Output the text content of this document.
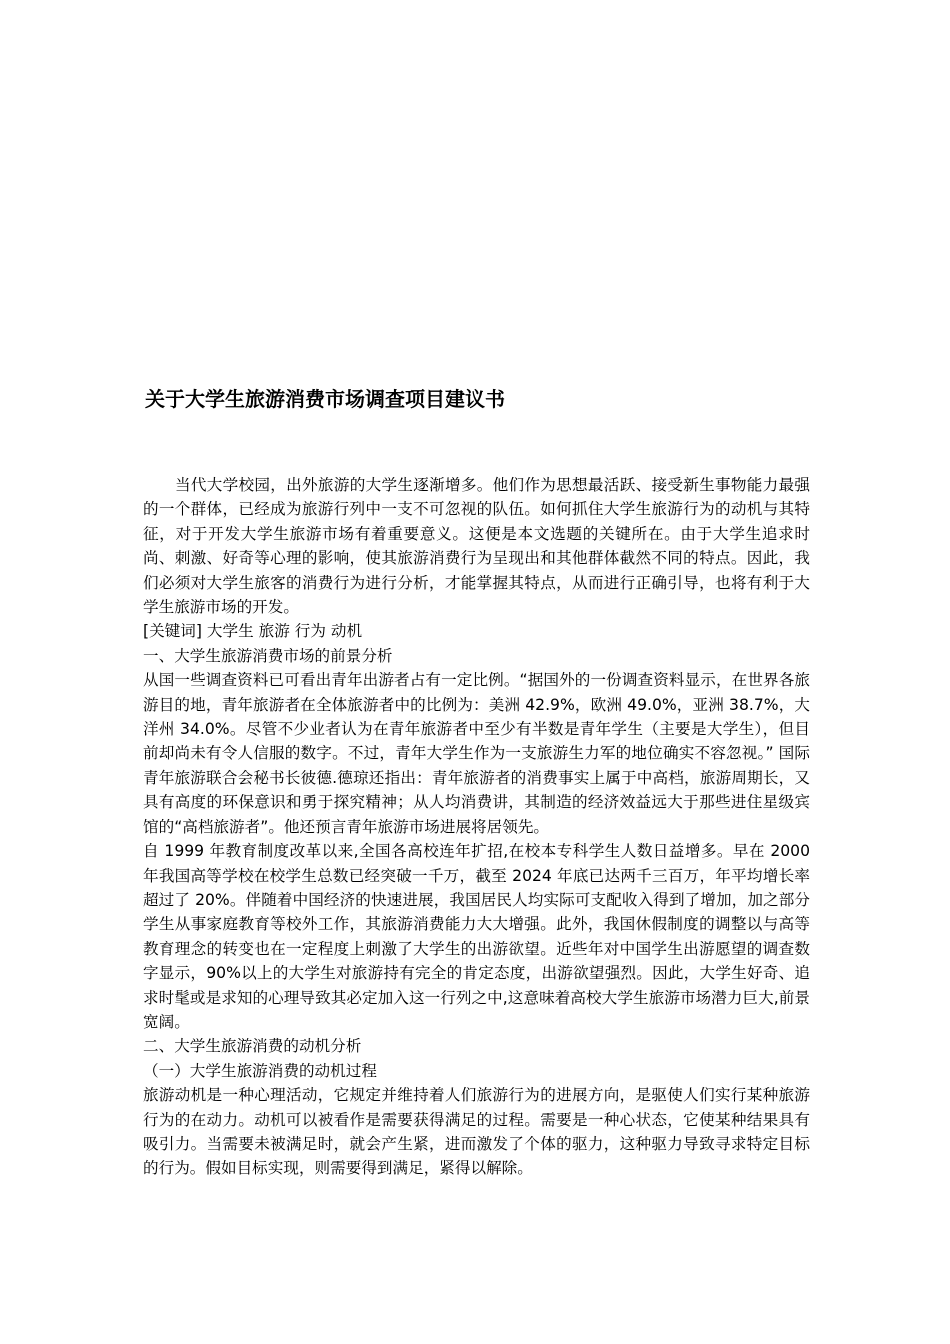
关于大学生旅游消费市场调查项目建议书

当代大学校园，出外旅游的大学生逐渐增多。他们作为思想最活跃、接受新生事物能力最强的一个群体，已经成为旅游行列中一支不可忽视的队伍。如何抓住大学生旅游行为的动机与其特征，对于开发大学生旅游市场有着重要意义。这便是本文选题的关键所在。由于大学生追求时尚、刺激、好奇等心理的影响，使其旅游消费行为呈现出和其他群体截然不同的特点。因此，我们必须对大学生旅客的消费行为进行分析，才能掌握其特点，从而进行正确引导，也将有利于大学生旅游市场的开发。

[关键词] 大学生 旅游 行为 动机

一、大学生旅游消费市场的前景分析

从国一些调查资料已可看出青年出游者占有一定比例。“据国外的一份调查资料显示，在世界各旅游目的地，青年旅游者在全体旅游者中的比例为：美洲 42.9%，欧洲 49.0%，亚洲 38.7%，大洋州 34.0%。尽管不少业者认为在青年旅游者中至少有半数是青年学生（主要是大学生），但目前却尚未有令人信服的数字。不过，青年大学生作为一支旅游生力军的地位确实不容忽视。” 国际青年旅游联合会秘书长彼德.德琼还指出：青年旅游者的消费事实上属于中高档，旅游周期长，又具有高度的环保意识和勇于探究精神；从人均消费讲，其制造的经济效益远大于那些进住星级宾馆的“高档旅游者”。他还预言青年旅游市场进展将居领先。

自 1999 年教育制度改革以来,全国各高校连年扩招,在校本专科学生人数日益增多。早在 2000 年我国高等学校在校学生总数已经突破一千万，截至 2024 年底已达两千三百万，年平均增长率超过了 20%。伴随着中国经济的快速进展，我国居民人均实际可支配收入得到了增加，加之部分学生从事家庭教育等校外工作，其旅游消费能力大大增强。此外，我国休假制度的调整以与高等教育理念的转变也在一定程度上刺激了大学生的出游欲望。近些年对中国学生出游愿望的调查数字显示，90%以上的大学生对旅游持有完全的肯定态度，出游欲望强烈。因此，大学生好奇、追求时髦或是求知的心理导致其必定加入这一行列之中,这意味着高校大学生旅游市场潜力巨大,前景宽阔。

二、大学生旅游消费的动机分析

（一）大学生旅游消费的动机过程

旅游动机是一种心理活动，它规定并维持着人们旅游行为的进展方向，是驱使人们实行某种旅游行为的在动力。动机可以被看作是需要获得满足的过程。需要是一种心状态，它使某种结果具有吸引力。当需要未被满足时，就会产生紧，进而激发了个体的驱力，这种驱力导致寻求特定目标的行为。假如目标实现，则需要得到满足，紧得以解除。
